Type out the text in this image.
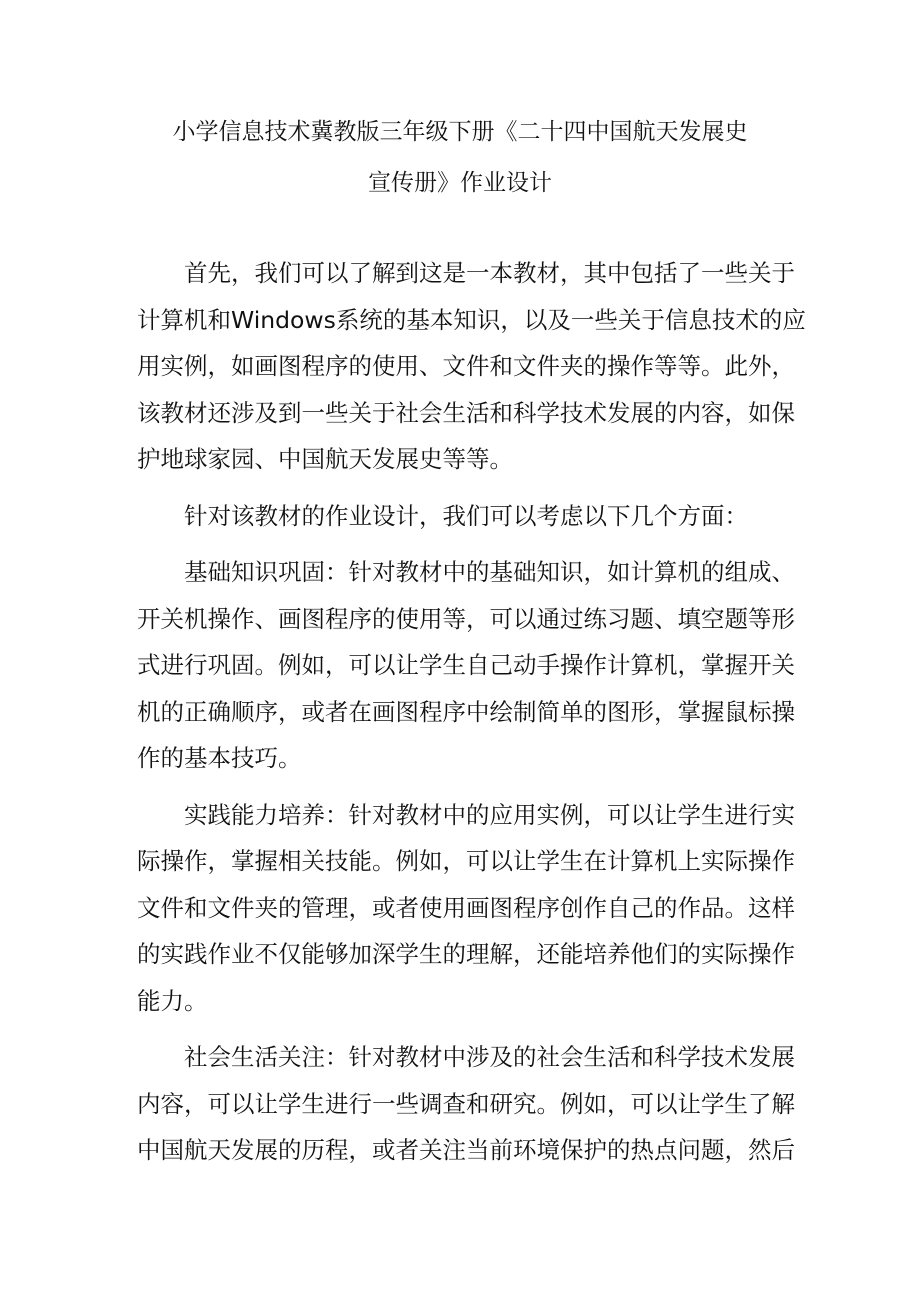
小学信息技术冀教版三年级下册《二十四中国航天发展史
宣传册》作业设计
首先，我们可以了解到这是一本教材，其中包括了一些关于
计算机和Windows系统的基本知识，以及一些关于信息技术的应
用实例，如画图程序的使用、文件和文件夹的操作等等。此外，
该教材还涉及到一些关于社会生活和科学技术发展的内容，如保
护地球家园、中国航天发展史等等。
针对该教材的作业设计，我们可以考虑以下几个方面：
基础知识巩固：针对教材中的基础知识，如计算机的组成、
开关机操作、画图程序的使用等，可以通过练习题、填空题等形
式进行巩固。例如，可以让学生自己动手操作计算机，掌握开关
机的正确顺序，或者在画图程序中绘制简单的图形，掌握鼠标操
作的基本技巧。
实践能力培养：针对教材中的应用实例，可以让学生进行实
际操作，掌握相关技能。例如，可以让学生在计算机上实际操作
文件和文件夹的管理，或者使用画图程序创作自己的作品。这样
的实践作业不仅能够加深学生的理解，还能培养他们的实际操作
能力。
社会生活关注：针对教材中涉及的社会生活和科学技术发展
内容，可以让学生进行一些调查和研究。例如，可以让学生了解
中国航天发展的历程，或者关注当前环境保护的热点问题，然后
